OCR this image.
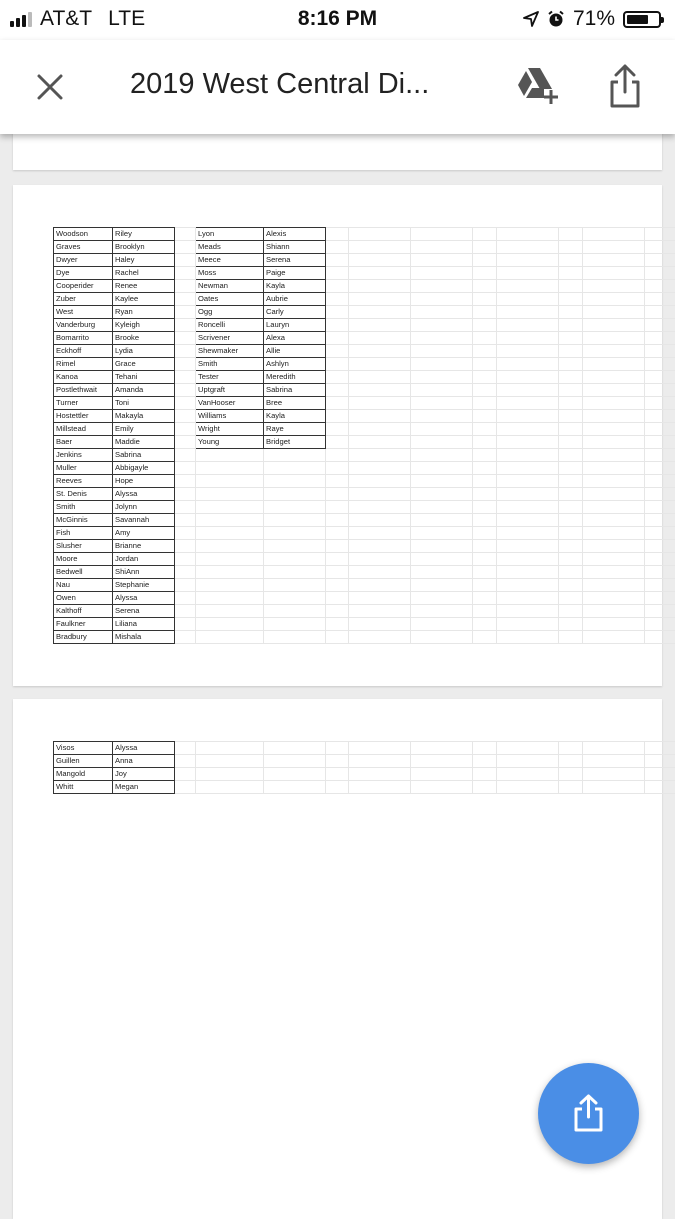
AT&T LTE	8:16 PM	71%
2019 West Central Di...
Woodson	Riley		Lyon	Alexis								
Graves	Brooklyn		Meads	Shiann								
Dwyer	Haley		Meece	Serena								
Dye	Rachel		Moss	Paige								
Cooperider	Renee		Newman	Kayla								
Zuber	Kaylee		Oates	Aubrie								
West	Ryan		Ogg	Carly								
Vanderburg	Kyleigh		Roncelli	Lauryn								
Bomarrito	Brooke		Scrivener	Alexa								
Eckhoff	Lydia		Shewmaker	Allie								
Rimel	Grace		Smith	Ashlyn								
Kanoa	Tehani		Tester	Meredith								
Postlethwait	Amanda		Uptgraft	Sabrina								
Turner	Toni		VanHooser	Bree								
Hostettler	Makayla		Williams	Kayla								
Millstead	Emily		Wright	Raye								
Baer	Maddie		Young	Bridget								
Jenkins	Sabrina											
Muller	Abbigayle											
Reeves	Hope											
St. Denis	Alyssa											
Smith	Jolynn											
McGinnis	Savannah											
Fish	Amy											
Slusher	Brianne											
Moore	Jordan											
Bedwell	ShiAnn											
Nau	Stephanie											
Owen	Alyssa											
Kalthoff	Serena											
Faulkner	Liliana											
Bradbury	Mishala											
Visos	Alyssa											
Guillen	Anna											
Mangold	Joy											
Whitt	Megan											
